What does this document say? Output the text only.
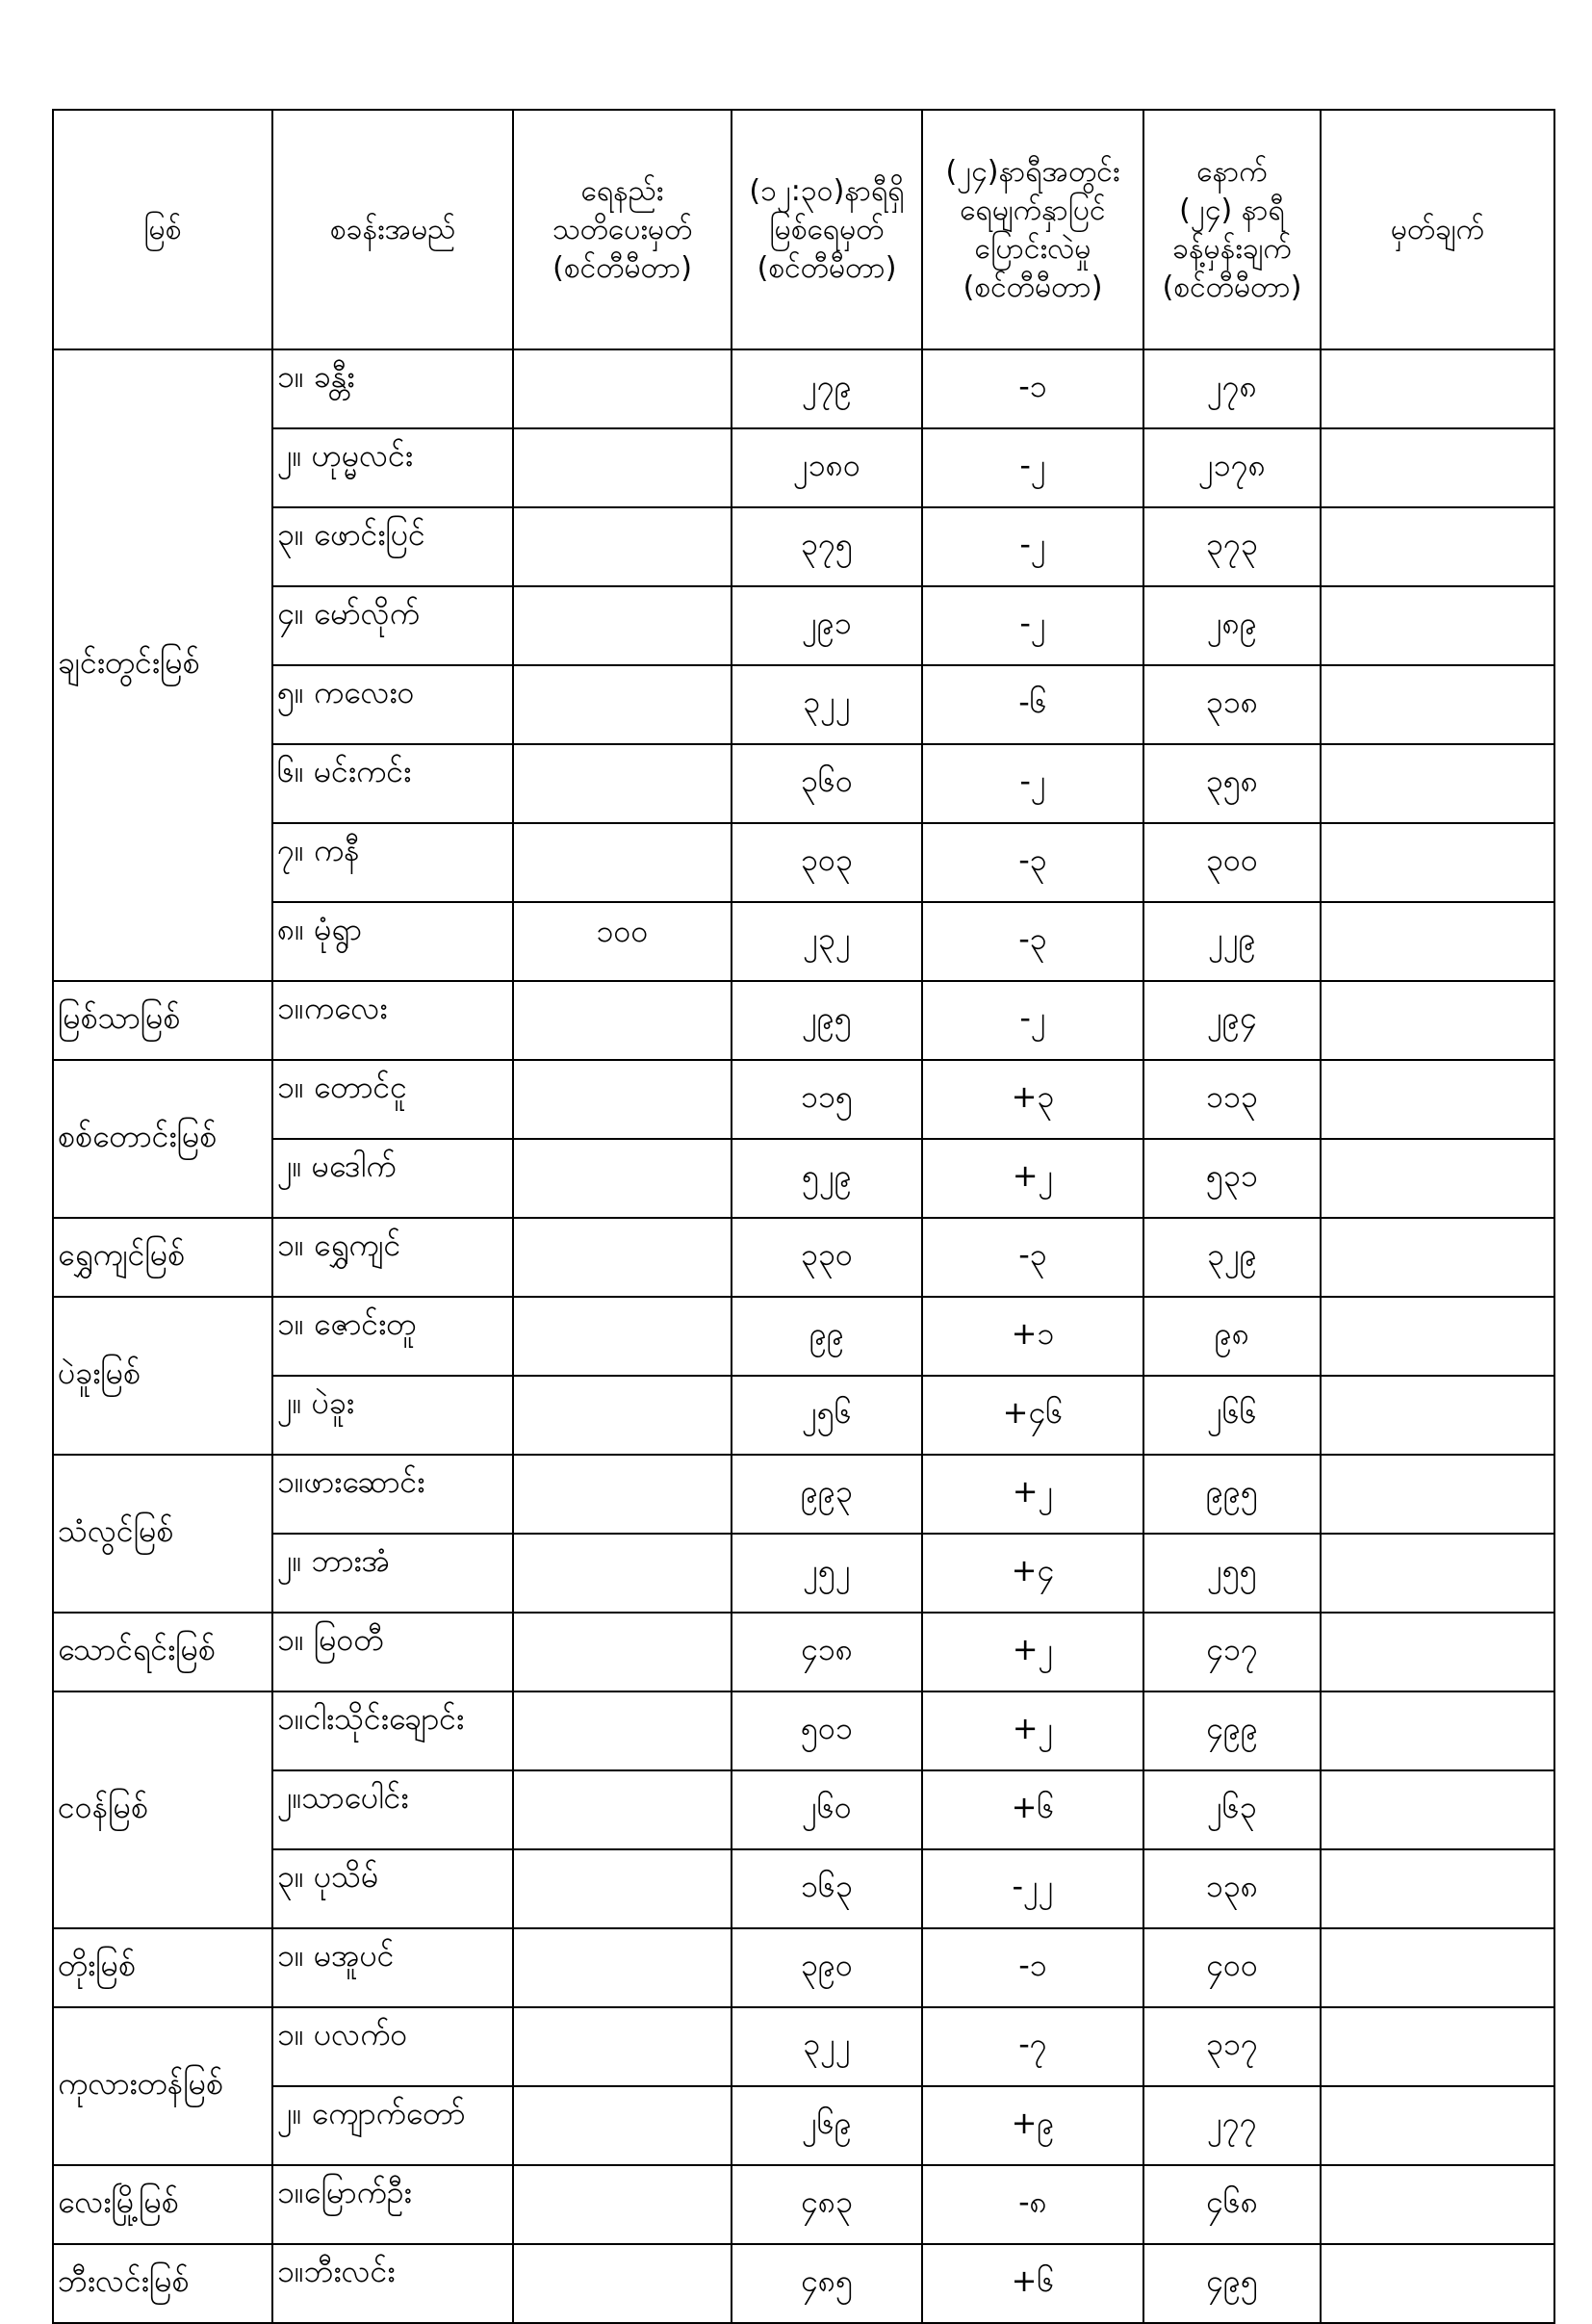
မြစ်	စခန်းအမည်	ရေနည်း
သတိပေးမှတ်
(စင်တီမီတာ)	(၁၂:၃၀)နာရီရှိ
မြစ်ရေမှတ်
(စင်တီမီတာ)	(၂၄)နာရီအတွင်း
ရေမျက်နှာပြင်
ပြောင်းလဲမှု
(စင်တီမီတာ)	နောက်
(၂၄) နာရီ
ခန့်မှန်းချက်
(စင်တီမီတာ)	မှတ်ချက်
ချင်းတွင်းမြစ်	၁။ ခန္တီး		၂၇၉	-၁	၂၇၈	
	၂။ ဟုမ္မလင်း		၂၁၈၀	-၂	၂၁၇၈	
	၃။ ဖောင်းပြင်		၃၇၅	-၂	၃၇၃	
	၄။ မော်လိုက်		၂၉၁	-၂	၂၈၉	
	၅။ ကလေးဝ		၃၂၂	-၆	၃၁၈	
	၆။ မင်းကင်း		၃၆၀	-၂	၃၅၈	
	၇။ ကနီ		၃၀၃	-၃	၃၀၀	
	၈။ မုံရွာ	၁၀၀	၂၃၂	-၃	၂၂၉	
မြစ်သာမြစ်	၁။ကလေး		၂၉၅	-၂	၂၉၄	
စစ်တောင်းမြစ်	၁။ တောင်ငူ		၁၁၅	+၃	၁၁၃	
	၂။ မဒေါက်		၅၂၉	+၂	၅၃၁	
ရွှေကျင်မြစ်	၁။ ရွှေကျင်		၃၃၀	-၃	၃၂၉	
ပဲခူးမြစ်	၁။ ဇောင်းတူ		၉၉	+၁	၉၈	
	၂။ ပဲခူး		၂၅၆	+၄၆	၂၆၆	
သံလွင်မြစ်	၁။ဖားဆောင်း		၉၉၃	+၂	၉၉၅	
	၂။ ဘားအံ		၂၅၂	+၄	၂၅၅	
သောင်ရင်းမြစ်	၁။ မြဝတီ		၄၁၈	+၂	၄၁၇	
ငဝန်မြစ်	၁။ငါးသိုင်းချောင်း		၅၀၁	+၂	၄၉၉	
	၂။သာပေါင်း		၂၆၀	+၆	၂၆၃	
	၃။ ပုသိမ်		၁၆၃	-၂၂	၁၃၈	
တိုးမြစ်	၁။ မအူပင်		၃၉၀	-၁	၄၀၀	
ကုလားတန်မြစ်	၁။ ပလက်ဝ		၃၂၂	-၇	၃၁၇	
	၂။ ကျောက်တော်		၂၆၉	+၉	၂၇၇	
လေးမြို့မြစ်	၁။မြောက်ဦး		၄၈၃	-၈	၄၆၈	
ဘီးလင်းမြစ်	၁။ဘီးလင်း		၄၈၅	+၆	၄၉၅	
